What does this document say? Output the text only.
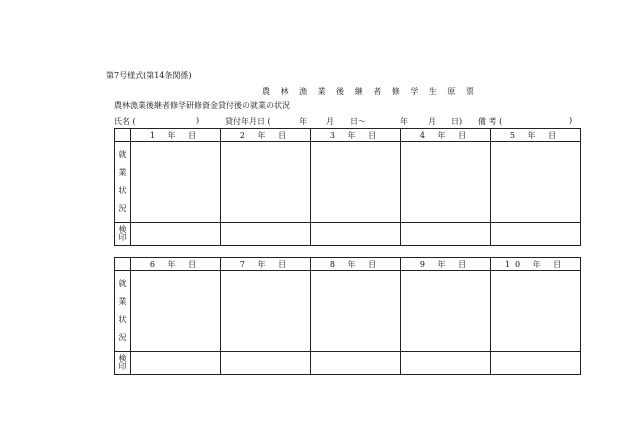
第7号様式(第14条関係)
農 林 漁 業 後 継 者 修 学 生 原 票
農林漁業後継者修学研修資金貸付後の就業の状況
氏名 (	)	貸付年月日 (	年 月 日～	年	月 日) 備 考 (	)
	1 年 目	2 年 目	3 年 目	4 年 目	5 年 目

就
業
状
況					

検
印					

	6 年 目	7 年 目	8 年 目	9 年 目	10 年 目

就
業
状
況					

検
印					
